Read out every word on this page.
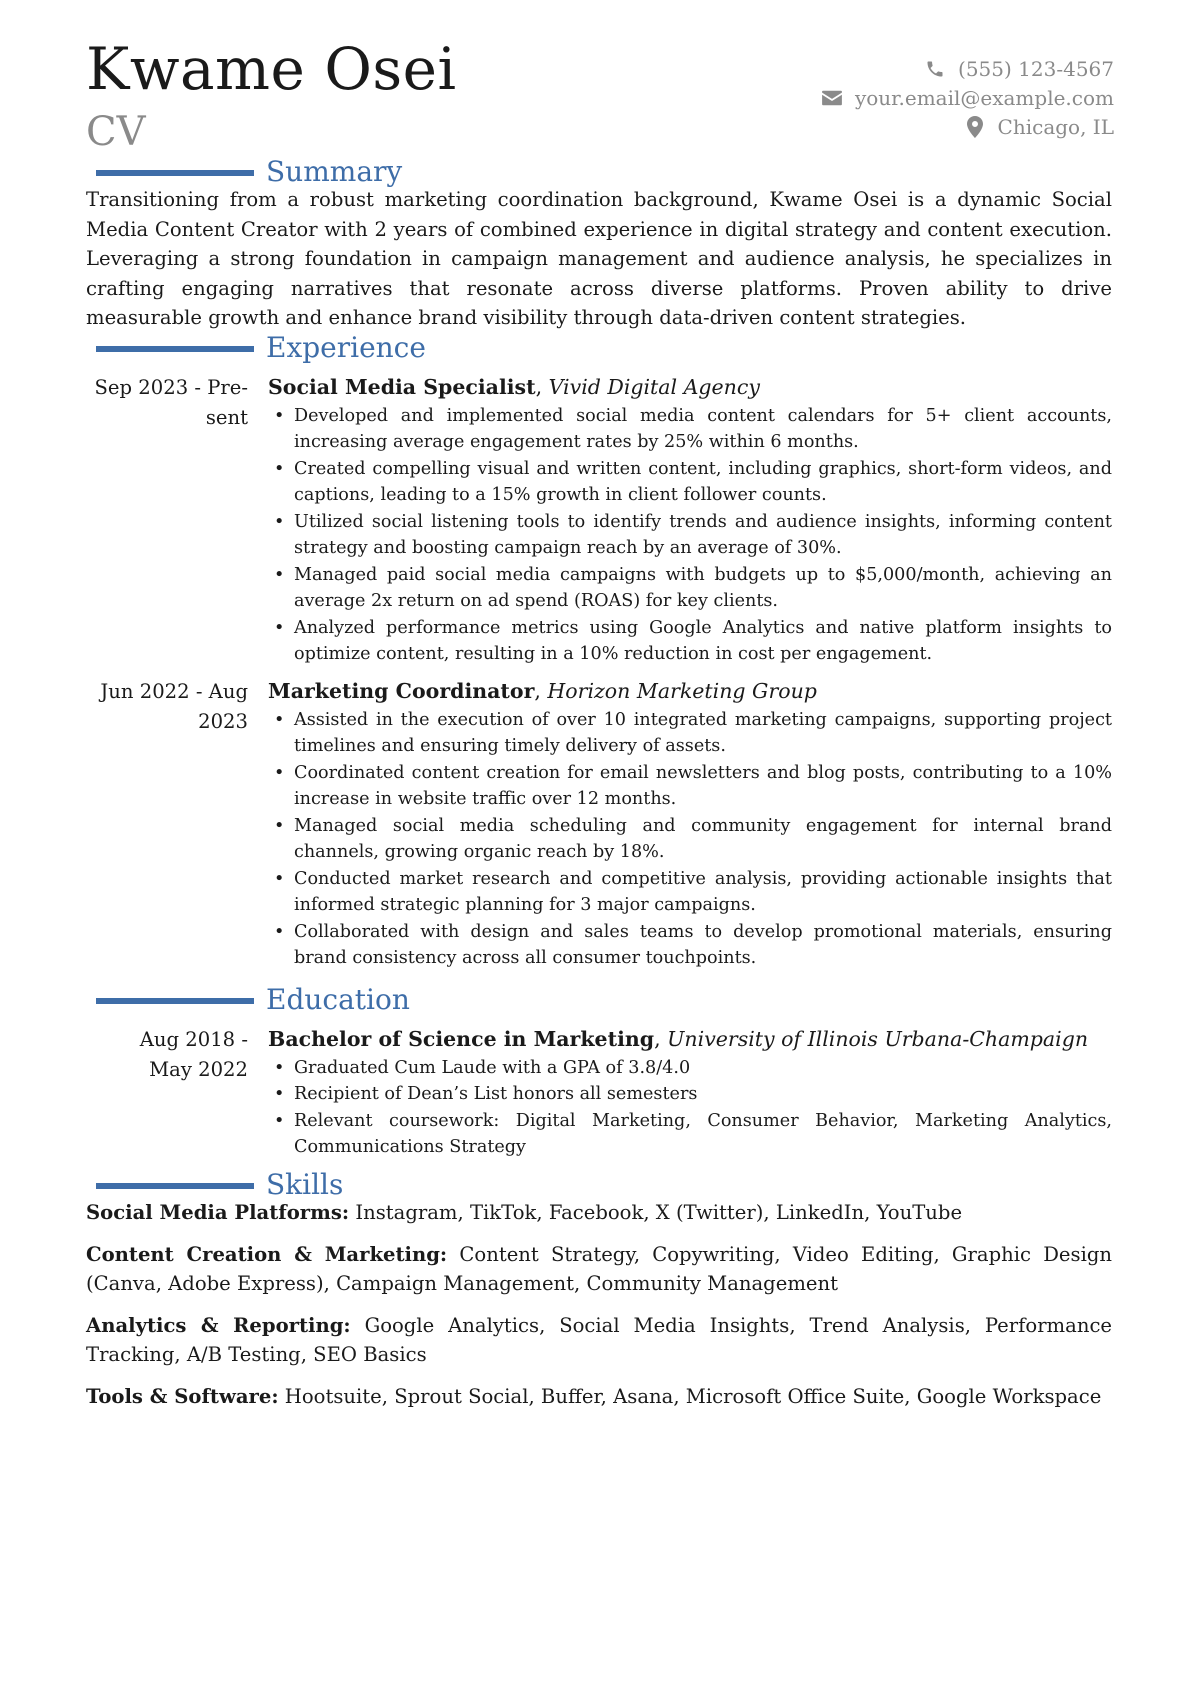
Kwame Osei
CV
(555) 123-4567
your.email@example.com
Chicago, IL
Summary
Transitioning from a robust marketing coordination background, Kwame Osei is a dynamic Social Media Content Creator with 2 years of combined experience in digital strategy and content execution. Leveraging a strong foundation in campaign management and audience analysis, he specializes in crafting engaging narratives that resonate across diverse platforms. Proven ability to drive measurable growth and enhance brand visibility through data-driven content strategies.
Experience
Sep 2023 - Pre-
sent
Social Media Specialist, Vivid Digital Agency
• Developed and implemented social media content calendars for 5+ client accounts, increasing average engagement rates by 25% within 6 months.
• Created compelling visual and written content, including graphics, short-form videos, and captions, leading to a 15% growth in client follower counts.
• Utilized social listening tools to identify trends and audience insights, informing content strategy and boosting campaign reach by an average of 30%.
• Managed paid social media campaigns with budgets up to $5,000/month, achieving an average 2x return on ad spend (ROAS) for key clients.
• Analyzed performance metrics using Google Analytics and native platform insights to optimize content, resulting in a 10% reduction in cost per engagement.
Jun 2022 - Aug
2023
Marketing Coordinator, Horizon Marketing Group
• Assisted in the execution of over 10 integrated marketing campaigns, supporting project timelines and ensuring timely delivery of assets.
• Coordinated content creation for email newsletters and blog posts, contributing to a 10% increase in website traffic over 12 months.
• Managed social media scheduling and community engagement for internal brand channels, growing organic reach by 18%.
• Conducted market research and competitive analysis, providing actionable insights that informed strategic planning for 3 major campaigns.
• Collaborated with design and sales teams to develop promotional materials, ensuring brand consistency across all consumer touchpoints.
Education
Aug 2018 -
May 2022
Bachelor of Science in Marketing, University of Illinois Urbana-Champaign
• Graduated Cum Laude with a GPA of 3.8/4.0
• Recipient of Dean’s List honors all semesters
• Relevant coursework: Digital Marketing, Consumer Behavior, Marketing Analytics, Communications Strategy
Skills
Social Media Platforms: Instagram, TikTok, Facebook, X (Twitter), LinkedIn, YouTube
Content Creation & Marketing: Content Strategy, Copywriting, Video Editing, Graphic Design (Canva, Adobe Express), Campaign Management, Community Management
Analytics & Reporting: Google Analytics, Social Media Insights, Trend Analysis, Performance Tracking, A/B Testing, SEO Basics
Tools & Software: Hootsuite, Sprout Social, Buffer, Asana, Microsoft Office Suite, Google Workspace
